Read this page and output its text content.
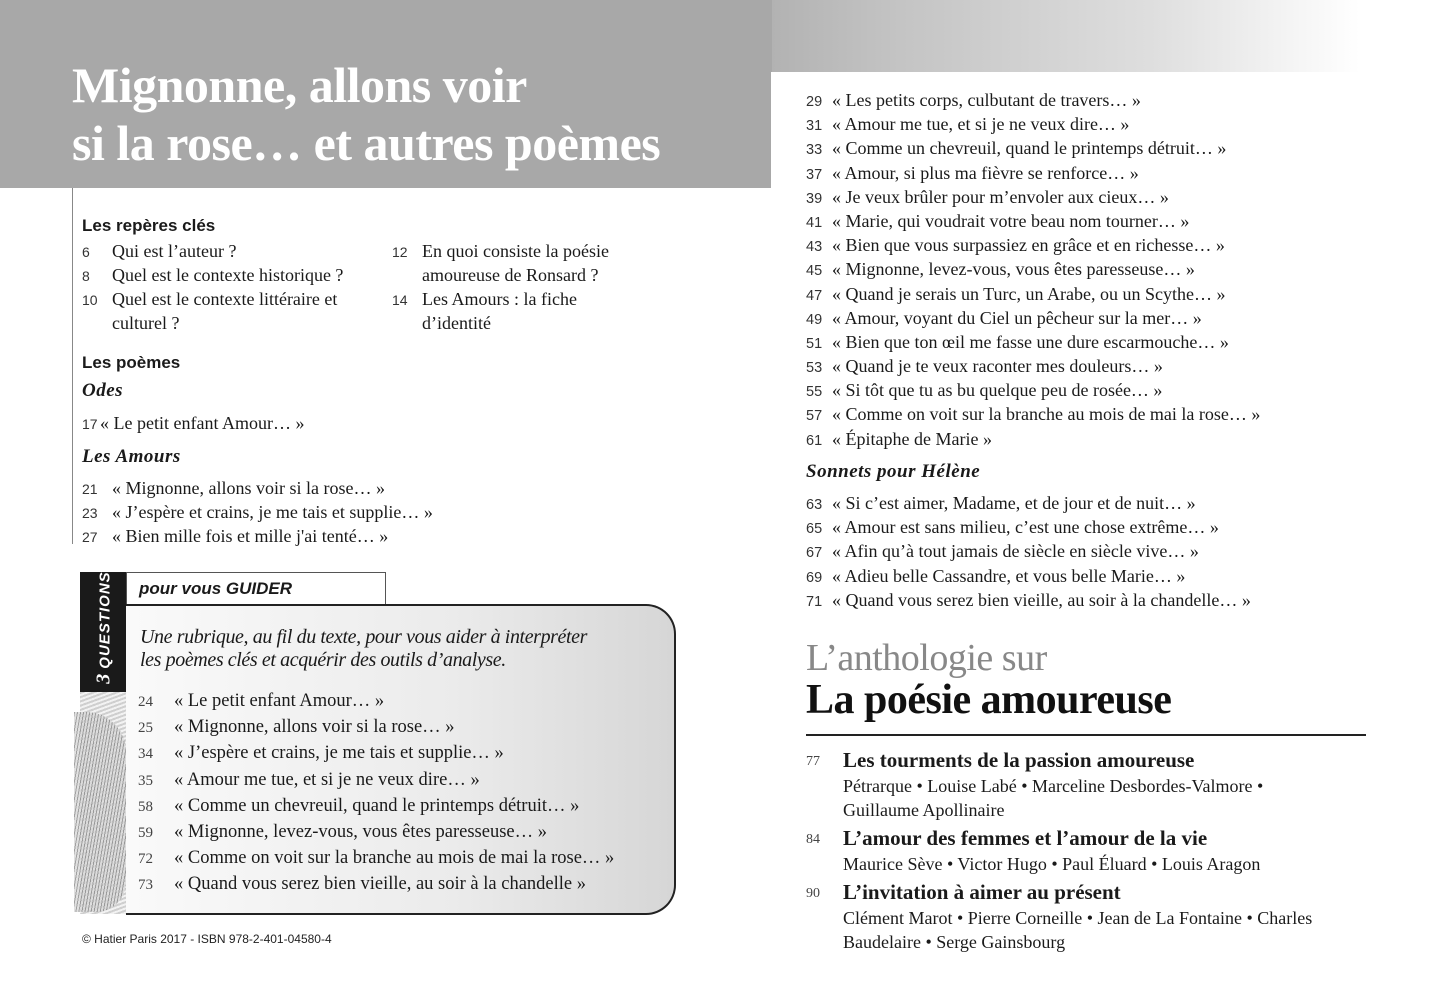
Mignonne, allons voir
si la rose… et autres poèmes
Les repères clés
6 Qui est l’auteur ?
8 Quel est le contexte historique ?
10 Quel est le contexte littéraire et culturel ?
12 En quoi consiste la poésie amoureuse de Ronsard ?
14 Les Amours : la fiche d’identité
Les poèmes
Odes
17 « Le petit enfant Amour… »
Les Amours
21 « Mignonne, allons voir si la rose… »
23 « J’espère et crains, je me tais et supplie… »
27 « Bien mille fois et mille j'ai tenté… »
29 « Les petits corps, culbutant de travers… »
31 « Amour me tue, et si je ne veux dire… »
33 « Comme un chevreuil, quand le printemps détruit… »
37 « Amour, si plus ma fièvre se renforce… »
39 « Je veux brûler pour m’envoler aux cieux… »
41 « Marie, qui voudrait votre beau nom tourner… »
43 « Bien que vous surpassiez en grâce et en richesse… »
45 « Mignonne, levez-vous, vous êtes paresseuse… »
47 « Quand je serais un Turc, un Arabe, ou un Scythe… »
49 « Amour, voyant du Ciel un pêcheur sur la mer… »
51 « Bien que ton œil me fasse une dure escarmouche… »
53 « Quand je te veux raconter mes douleurs… »
55 « Si tôt que tu as bu quelque peu de rosée… »
57 « Comme on voit sur la branche au mois de mai la rose… »
61 « Épitaphe de Marie »
Sonnets pour Hélène
63 « Si c’est aimer, Madame, et de jour et de nuit… »
65 « Amour est sans milieu, c’est une chose extrême… »
67 « Afin qu’à tout jamais de siècle en siècle vive… »
69 « Adieu belle Cassandre, et vous belle Marie… »
71 « Quand vous serez bien vieille, au soir à la chandelle… »
3QUESTIONS pour vous GUIDER
Une rubrique, au fil du texte, pour vous aider à interpréter les poèmes clés et acquérir des outils d’analyse.
24 « Le petit enfant Amour… »
25 « Mignonne, allons voir si la rose… »
34 « J’espère et crains, je me tais et supplie… »
35 « Amour me tue, et si je ne veux dire… »
58 « Comme un chevreuil, quand le printemps détruit… »
59 « Mignonne, levez-vous, vous êtes paresseuse… »
72 « Comme on voit sur la branche au mois de mai la rose… »
73 « Quand vous serez bien vieille, au soir à la chandelle »
© Hatier Paris 2017 - ISBN 978-2-401-04580-4
L’anthologie sur
La poésie amoureuse
77 Les tourments de la passion amoureuse
Pétrarque • Louise Labé • Marceline Desbordes-Valmore • Guillaume Apollinaire
84 L’amour des femmes et l’amour de la vie
Maurice Sève • Victor Hugo • Paul Éluard • Louis Aragon
90 L’invitation à aimer au présent
Clément Marot • Pierre Corneille • Jean de La Fontaine • Charles Baudelaire • Serge Gainsbourg
